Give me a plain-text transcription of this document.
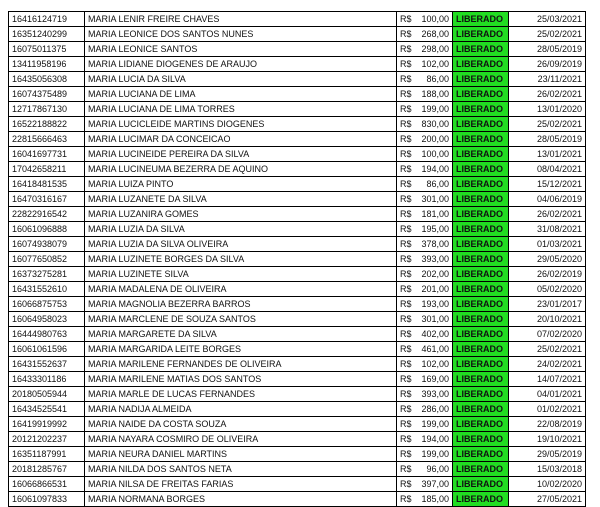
16416124719	MARIA LENIR FREIRE CHAVES	R$ 100,00	LIBERADO	25/03/2021
16351240299	MARIA LEONICE DOS SANTOS NUNES	R$ 268,00	LIBERADO	25/02/2021
16075011375	MARIA LEONICE SANTOS	R$ 298,00	LIBERADO	28/05/2019
13411958196	MARIA LIDIANE DIOGENES DE ARAUJO	R$ 102,00	LIBERADO	26/09/2019
16435056308	MARIA LUCIA DA SILVA	R$ 86,00	LIBERADO	23/11/2021
16074375489	MARIA LUCIANA DE LIMA	R$ 188,00	LIBERADO	26/02/2021
12717867130	MARIA LUCIANA DE LIMA TORRES	R$ 199,00	LIBERADO	13/01/2020
16522188822	MARIA LUCICLEIDE MARTINS DIOGENES	R$ 830,00	LIBERADO	25/02/2021
22815666463	MARIA LUCIMAR DA CONCEICAO	R$ 200,00	LIBERADO	28/05/2019
16041697731	MARIA LUCINEIDE PEREIRA DA SILVA	R$ 100,00	LIBERADO	13/01/2021
17042658211	MARIA LUCINEUMA BEZERRA DE AQUINO	R$ 194,00	LIBERADO	08/04/2021
16418481535	MARIA LUIZA PINTO	R$ 86,00	LIBERADO	15/12/2021
16470316167	MARIA LUZANETE DA SILVA	R$ 301,00	LIBERADO	04/06/2019
22822916542	MARIA LUZANIRA GOMES	R$ 181,00	LIBERADO	26/02/2021
16061096888	MARIA LUZIA DA SILVA	R$ 195,00	LIBERADO	31/08/2021
16074938079	MARIA LUZIA DA SILVA OLIVEIRA	R$ 378,00	LIBERADO	01/03/2021
16077650852	MARIA LUZINETE BORGES DA SILVA	R$ 393,00	LIBERADO	29/05/2020
16373275281	MARIA LUZINETE SILVA	R$ 202,00	LIBERADO	26/02/2019
16431552610	MARIA MADALENA DE OLIVEIRA	R$ 201,00	LIBERADO	05/02/2020
16066875753	MARIA MAGNOLIA BEZERRA BARROS	R$ 193,00	LIBERADO	23/01/2017
16064958023	MARIA MARCLENE DE SOUZA SANTOS	R$ 301,00	LIBERADO	20/10/2021
16444980763	MARIA MARGARETE DA SILVA	R$ 402,00	LIBERADO	07/02/2020
16061061596	MARIA MARGARIDA LEITE BORGES	R$ 461,00	LIBERADO	25/02/2021
16431552637	MARIA MARILENE FERNANDES DE OLIVEIRA	R$ 102,00	LIBERADO	24/02/2021
16433301186	MARIA MARILENE MATIAS DOS SANTOS	R$ 169,00	LIBERADO	14/07/2021
20180505944	MARIA MARLE DE LUCAS FERNANDES	R$ 393,00	LIBERADO	04/01/2021
16434525541	MARIA NADIJA ALMEIDA	R$ 286,00	LIBERADO	01/02/2021
16419919992	MARIA NAIDE DA COSTA SOUZA	R$ 199,00	LIBERADO	22/08/2019
20121202237	MARIA NAYARA COSMIRO DE OLIVEIRA	R$ 194,00	LIBERADO	19/10/2021
16351187991	MARIA NEURA DANIEL MARTINS	R$ 199,00	LIBERADO	29/05/2019
20181285767	MARIA NILDA DOS SANTOS NETA	R$ 96,00	LIBERADO	15/03/2018
16066866531	MARIA NILSA DE FREITAS FARIAS	R$ 397,00	LIBERADO	10/02/2020
16061097833	MARIA NORMANA BORGES	R$ 185,00	LIBERADO	27/05/2021
